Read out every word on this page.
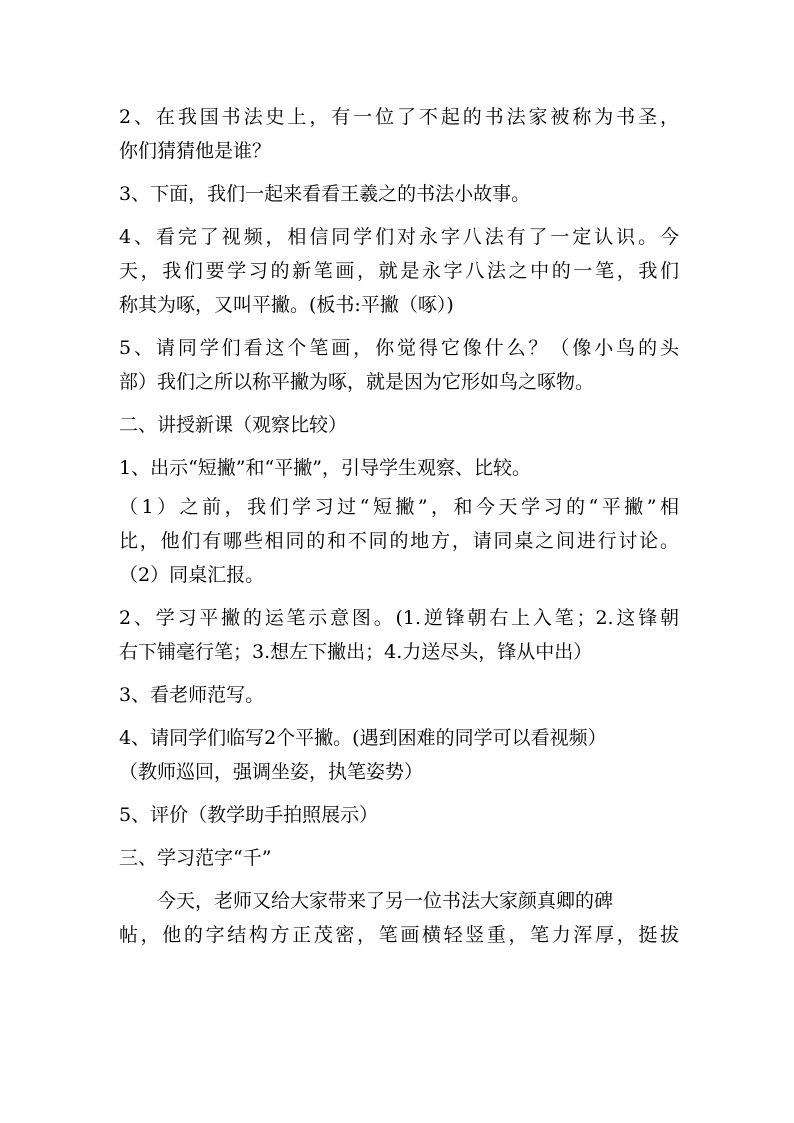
2、在我国书法史上，有一位了不起的书法家被称为书圣，
你们猜猜他是谁？
3、下面，我们一起来看看王羲之的书法小故事。
4、看完了视频，相信同学们对永字八法有了一定认识。今
天，我们要学习的新笔画，就是永字八法之中的一笔，我们
称其为啄，又叫平撇。(板书:平撇（啄）)
5、请同学们看这个笔画，你觉得它像什么？（像小鸟的头
部）我们之所以称平撇为啄，就是因为它形如鸟之啄物。
二、讲授新课（观察比较）
1、出示“短撇”和“平撇”，引导学生观察、比较。
（1）之前，我们学习过“短撇”，和今天学习的“平撇”相
比，他们有哪些相同的和不同的地方，请同桌之间进行讨论。
（2）同桌汇报。
2、学习平撇的运笔示意图。(1.逆锋朝右上入笔；2.这锋朝
右下铺毫行笔；3.想左下撇出；4.力送尽头，锋从中出）
3、看老师范写。
4、请同学们临写2个平撇。(遇到困难的同学可以看视频）
（教师巡回，强调坐姿，执笔姿势）
5、评价（教学助手拍照展示）
三、学习范字“千”
　　今天，老师又给大家带来了另一位书法大家颜真卿的碑
帖，他的字结构方正茂密，笔画横轻竖重，笔力浑厚，挺拔
